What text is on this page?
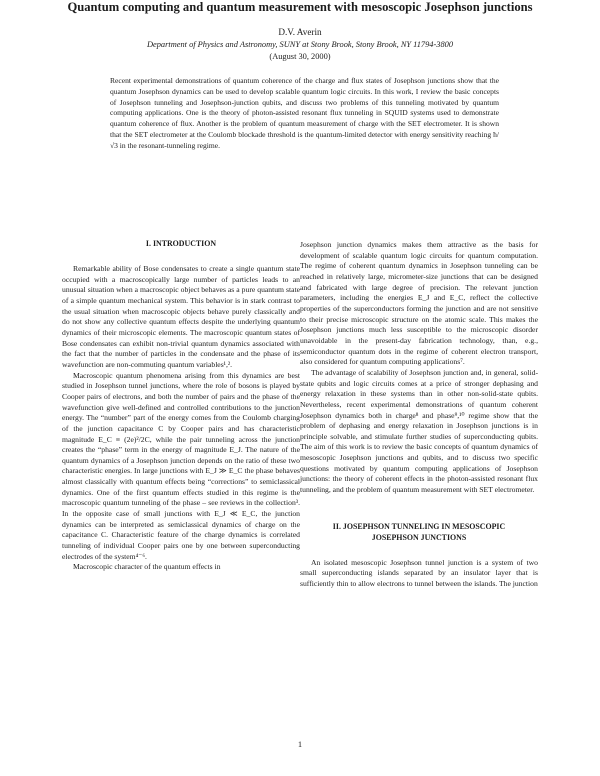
Quantum computing and quantum measurement with mesoscopic Josephson junctions
D.V. Averin
Department of Physics and Astronomy, SUNY at Stony Brook, Stony Brook, NY 11794-3800
(August 30, 2000)

Recent experimental demonstrations of quantum coherence of the charge and flux states of Josephson junctions show that the quantum Josephson dynamics can be used to develop scalable quantum logic circuits. In this work, I review the basic concepts of Josephson tunneling and Josephson-junction qubits, and discuss two problems of this tunneling motivated by quantum computing applications. One is the theory of photon-assisted resonant flux tunneling in SQUID systems used to demonstrate quantum coherence of flux. Another is the problem of quantum measurement of charge with the SET electrometer. It is shown that the SET electrometer at the Coulomb blockade threshold is the quantum-limited detector with energy sensitivity reaching ħ/√3 in the resonant-tunneling regime.

I. INTRODUCTION

Remarkable ability of Bose condensates to create a single quantum state occupied with a macroscopically large number of particles leads to an unusual situation when a macroscopic object behaves as a pure quantum state of a simple quantum mechanical system. This behavior is in stark contrast to the usual situation when macroscopic objects behave purely classically and do not show any collective quantum effects despite the underlying quantum dynamics of their microscopic elements. The macroscopic quantum states of Bose condensates can exhibit non-trivial quantum dynamics associated with the fact that the number of particles in the condensate and the phase of its wavefunction are non-commuting quantum variables¹,².

Macroscopic quantum phenomena arising from this dynamics are best studied in Josephson tunnel junctions, where the role of bosons is played by Cooper pairs of electrons, and both the number of pairs and the phase of the wavefunction give well-defined and controlled contributions to the junction energy. The “number” part of the energy comes from the Coulomb charging of the junction capacitance C by Cooper pairs and has characteristic magnitude E_C ≡ (2e)²/2C, while the pair tunneling across the junction creates the “phase” term in the energy of magnitude E_J. The nature of the quantum dynamics of a Josephson junction depends on the ratio of these two characteristic energies. In large junctions with E_J ≫ E_C the phase behaves almost classically with quantum effects being “corrections” to semiclassical dynamics. One of the first quantum effects studied in this regime is the macroscopic quantum tunneling of the phase – see reviews in the collection³. In the opposite case of small junctions with E_J ≪ E_C, the junction dynamics can be interpreted as semiclassical dynamics of charge on the capacitance C. Characteristic feature of the charge dynamics is correlated tunneling of individual Cooper pairs one by one between superconducting electrodes of the system⁴⁻⁶.

Macroscopic character of the quantum effects in

Josephson junction dynamics makes them attractive as the basis for development of scalable quantum logic circuits for quantum computation. The regime of coherent quantum dynamics in Josephson tunneling can be reached in relatively large, micrometer-size junctions that can be designed and fabricated with large degree of precision. The relevant junction parameters, including the energies E_J and E_C, reflect the collective properties of the superconductors forming the junction and are not sensitive to their precise microscopic structure on the atomic scale. This makes the Josephson junctions much less susceptible to the microscopic disorder unavoidable in the present-day fabrication technology, than, e.g., semiconductor quantum dots in the regime of coherent electron transport, also considered for quantum computing applications⁷.

The advantage of scalability of Josephson junction and, in general, solid-state qubits and logic circuits comes at a price of stronger dephasing and energy relaxation in these systems than in other non-solid-state qubits. Nevertheless, recent experimental demonstrations of quantum coherent Josephson dynamics both in charge⁸ and phase⁹,¹⁰ regime show that the problem of dephasing and energy relaxation in Josephson junctions is in principle solvable, and stimulate further studies of superconducting qubits. The aim of this work is to review the basic concepts of quantum dynamics of mesoscopic Josephson junctions and qubits, and to discuss two specific questions motivated by quantum computing applications of Josephson junctions: the theory of coherent effects in the photon-assisted resonant flux tunneling, and the problem of quantum measurement with SET electrometer.

II. JOSEPHSON TUNNELING IN MESOSCOPIC
JOSEPHSON JUNCTIONS

An isolated mesoscopic Josephson tunnel junction is a system of two small superconducting islands separated by an insulator layer that is sufficiently thin to allow electrons to tunnel between the islands. The junction

1
